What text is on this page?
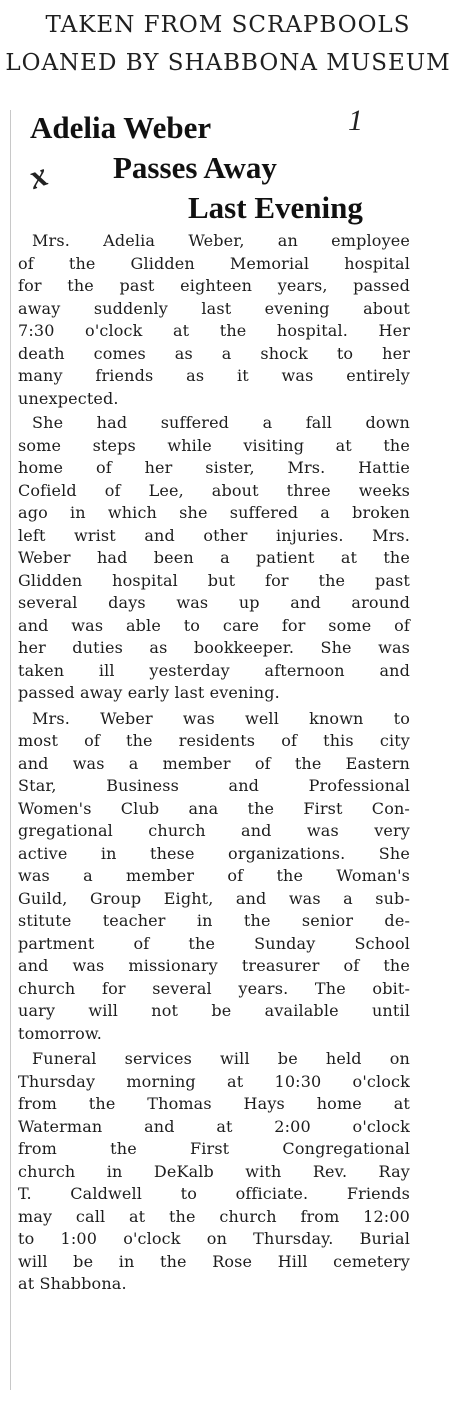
TAKEN FROM SCRAPBOOLS
LOANED BY SHABBONA MUSEUM
1
x
Adelia Weber
Passes Away
Last Evening
Mrs. Adelia Weber, an employee
of the Glidden Memorial hospital
for the past eighteen years, passed
away suddenly last evening about
7:30 o'clock at the hospital. Her
death comes as a shock to her
many friends as it was entirely
unexpected.
She had suffered a fall down
some steps while visiting at the
home of her sister, Mrs. Hattie
Cofield of Lee, about three weeks
ago in which she suffered a broken
left wrist and other injuries. Mrs.
Weber had been a patient at the
Glidden hospital but for the past
several days was up and around
and was able to care for some of
her duties as bookkeeper. She was
taken ill yesterday afternoon and
passed away early last evening.
Mrs. Weber was well known to
most of the residents of this city
and was a member of the Eastern
Star, Business and Professional
Women's Club ana the First Con-
gregational church and was very
active in these organizations. She
was a member of the Woman's
Guild, Group Eight, and was a sub-
stitute teacher in the senior de-
partment of the Sunday School
and was missionary treasurer of the
church for several years. The obit-
uary will not be available until
tomorrow.
Funeral services will be held on
Thursday morning at 10:30 o'clock
from the Thomas Hays home at
Waterman and at 2:00 o'clock
from the First Congregational
church in DeKalb with Rev. Ray
T. Caldwell to officiate. Friends
may call at the church from 12:00
to 1:00 o'clock on Thursday. Burial
will be in the Rose Hill cemetery
at Shabbona.
